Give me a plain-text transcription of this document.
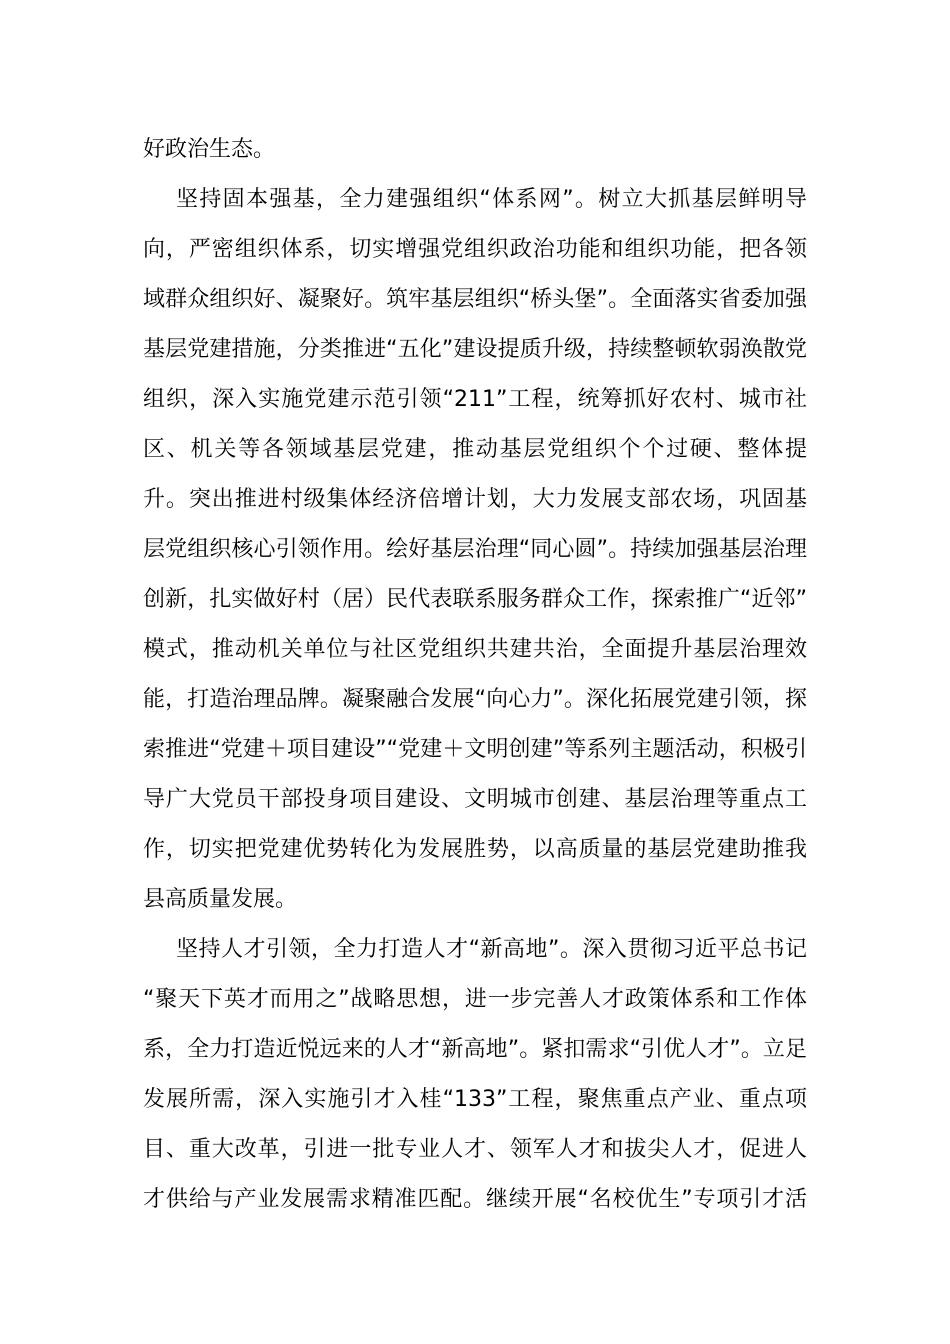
好政治生态。
坚持固本强基，全力建强组织“体系网”。树立大抓基层鲜明导
向，严密组织体系，切实增强党组织政治功能和组织功能，把各领
域群众组织好、凝聚好。筑牢基层组织“桥头堡”。全面落实省委加强
基层党建措施，分类推进“五化”建设提质升级，持续整顿软弱涣散党
组织，深入实施党建示范引领“211”工程，统筹抓好农村、城市社
区、机关等各领域基层党建，推动基层党组织个个过硬、整体提
升。突出推进村级集体经济倍增计划，大力发展支部农场，巩固基
层党组织核心引领作用。绘好基层治理“同心圆”。持续加强基层治理
创新，扎实做好村（居）民代表联系服务群众工作，探索推广“近邻”
模式，推动机关单位与社区党组织共建共治，全面提升基层治理效
能，打造治理品牌。凝聚融合发展“向心力”。深化拓展党建引领，探
索推进“党建＋项目建设”“党建＋文明创建”等系列主题活动，积极引
导广大党员干部投身项目建设、文明城市创建、基层治理等重点工
作，切实把党建优势转化为发展胜势，以高质量的基层党建助推我
县高质量发展。
坚持人才引领，全力打造人才“新高地”。深入贯彻习近平总书记
“聚天下英才而用之”战略思想，进一步完善人才政策体系和工作体
系，全力打造近悦远来的人才“新高地”。紧扣需求“引优人才”。立足
发展所需，深入实施引才入桂“133”工程，聚焦重点产业、重点项
目、重大改革，引进一批专业人才、领军人才和拔尖人才，促进人
才供给与产业发展需求精准匹配。继续开展“名校优生”专项引才活
